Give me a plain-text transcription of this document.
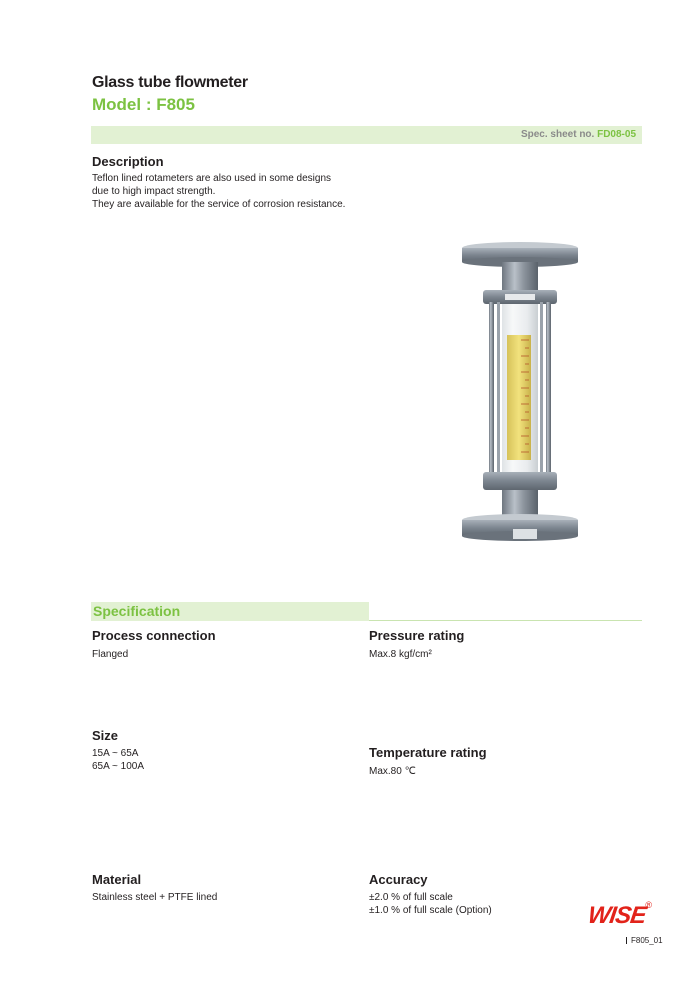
Glass tube flowmeter
Model : F805
Spec. sheet no. FD08-05
Description
Teflon lined rotameters are also used in some designs
due to high impact strength.
They are available for the service of corrosion resistance.
Specification
Process connection
Flanged
Pressure rating
Max.8 kgf/cm²
Size
15A ~ 65A
65A ~ 100A
Temperature rating
Max.80 ℃
Material
Stainless steel + PTFE lined
Accuracy
±2.0 % of full scale
±1.0 % of full scale (Option)	WISE®
F805_01
